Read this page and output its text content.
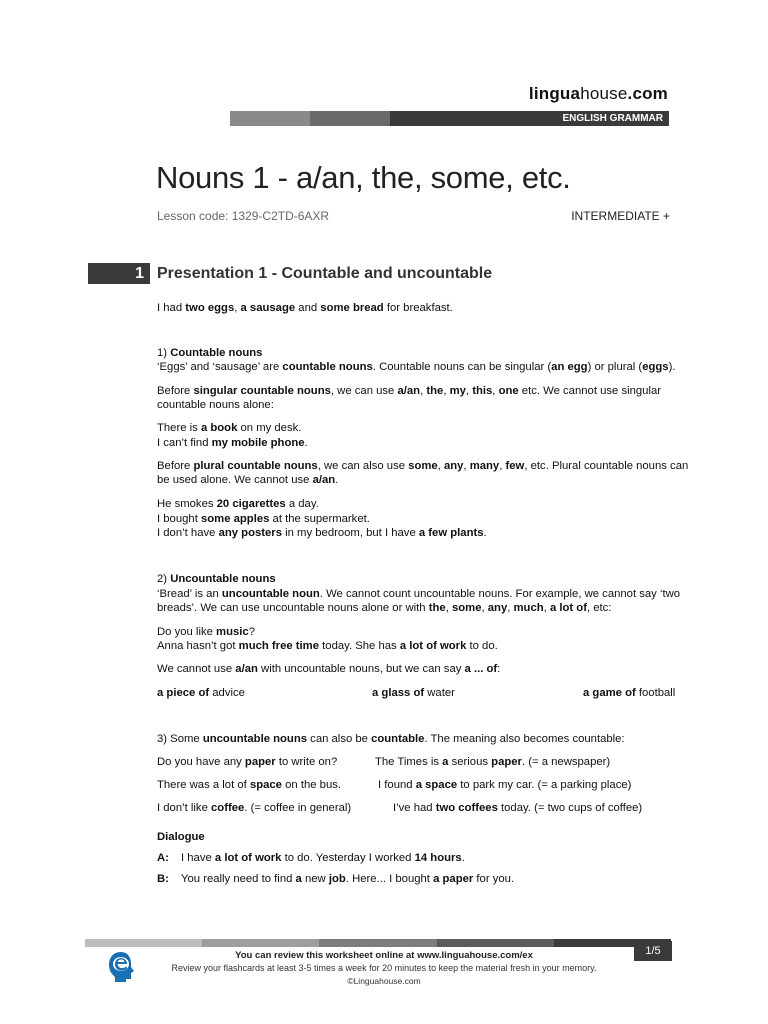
linguahouse.com
ENGLISH GRAMMAR
Nouns 1 - a/an, the, some, etc.
Lesson code: 1329-C2TD-6AXR	INTERMEDIATE +
1 Presentation 1 - Countable and uncountable
I had two eggs, a sausage and some bread for breakfast.
1) Countable nouns
‘Eggs’ and ‘sausage’ are countable nouns. Countable nouns can be singular (an egg) or plural (eggs).
Before singular countable nouns, we can use a/an, the, my, this, one etc. We cannot use singular
countable nouns alone:
There is a book on my desk.
I can’t find my mobile phone.
Before plural countable nouns, we can also use some, any, many, few, etc. Plural countable nouns can
be used alone. We cannot use a/an.
He smokes 20 cigarettes a day.
I bought some apples at the supermarket.
I don’t have any posters in my bedroom, but I have a few plants.
2) Uncountable nouns
‘Bread’ is an uncountable noun. We cannot count uncountable nouns. For example, we cannot say ‘two
breads’. We can use uncountable nouns alone or with the, some, any, much, a lot of, etc:
Do you like music?
Anna hasn’t got much free time today. She has a lot of work to do.
We cannot use a/an with uncountable nouns, but we can say a ... of:
a piece of advice	a glass of water	a game of football
3) Some uncountable nouns can also be countable. The meaning also becomes countable:
Do you have any paper to write on?	The Times is a serious paper. (= a newspaper)
There was a lot of space on the bus.	I found a space to park my car. (= a parking place)
I don’t like coffee. (= coffee in general)	I’ve had two coffees today. (= two cups of coffee)
Dialogue
A: I have a lot of work to do. Yesterday I worked 14 hours.
B: You really need to find a new job. Here... I bought a paper for you.
1/5
You can review this worksheet online at www.linguahouse.com/ex
Review your flashcards at least 3-5 times a week for 20 minutes to keep the material fresh in your memory.
©Linguahouse.com
